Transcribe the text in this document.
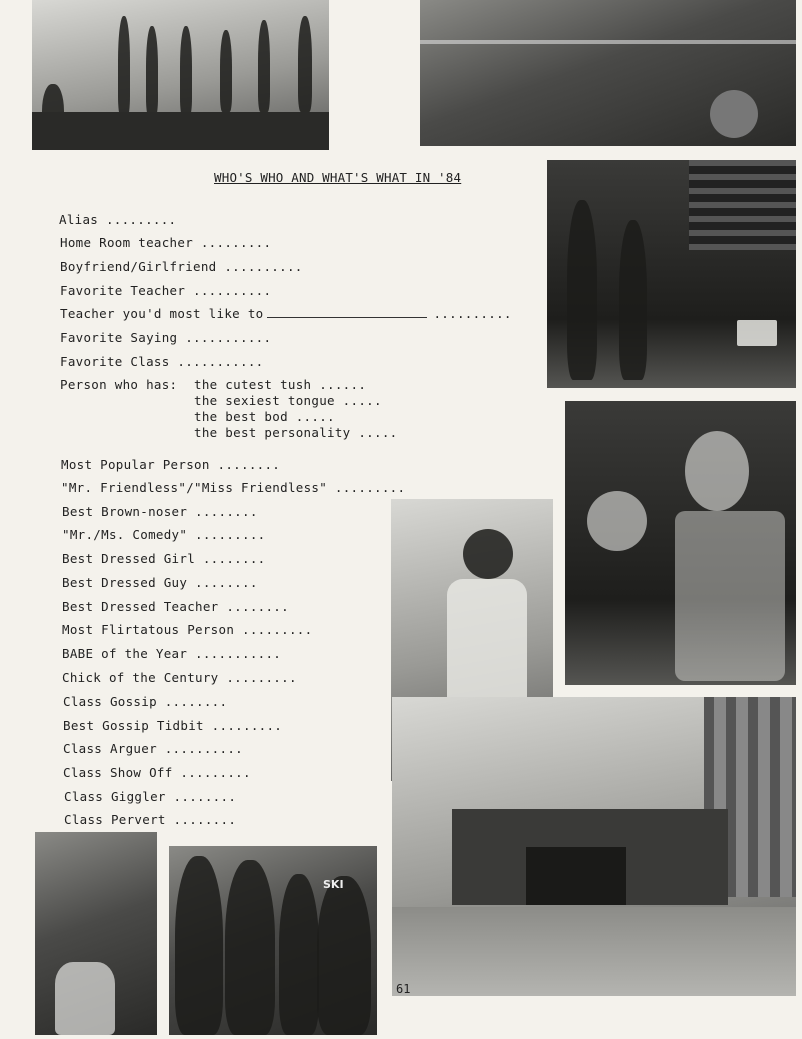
SKI
WHO'S WHO AND WHAT'S WHAT IN '84
Alias .........
Home Room teacher .........
Boyfriend/Girlfriend ..........
Favorite Teacher ..........
Teacher you'd most like to	..........
Favorite Saying ...........
Favorite Class ...........
Person who has: the cutest tush ......
the sexiest tongue .....
the best bod .....
the best personality .....
Most Popular Person ........
"Mr. Friendless"/"Miss Friendless" .........
Best Brown-noser ........
"Mr./Ms. Comedy" .........
Best Dressed Girl ........
Best Dressed Guy ........
Best Dressed Teacher ........
Most Flirtatous Person .........
BABE of the Year ...........
Chick of the Century .........
Class Gossip ........
Best Gossip Tidbit .........
Class Arguer ..........
Class Show Off .........
Class Giggler ........
Class Pervert ........
61
